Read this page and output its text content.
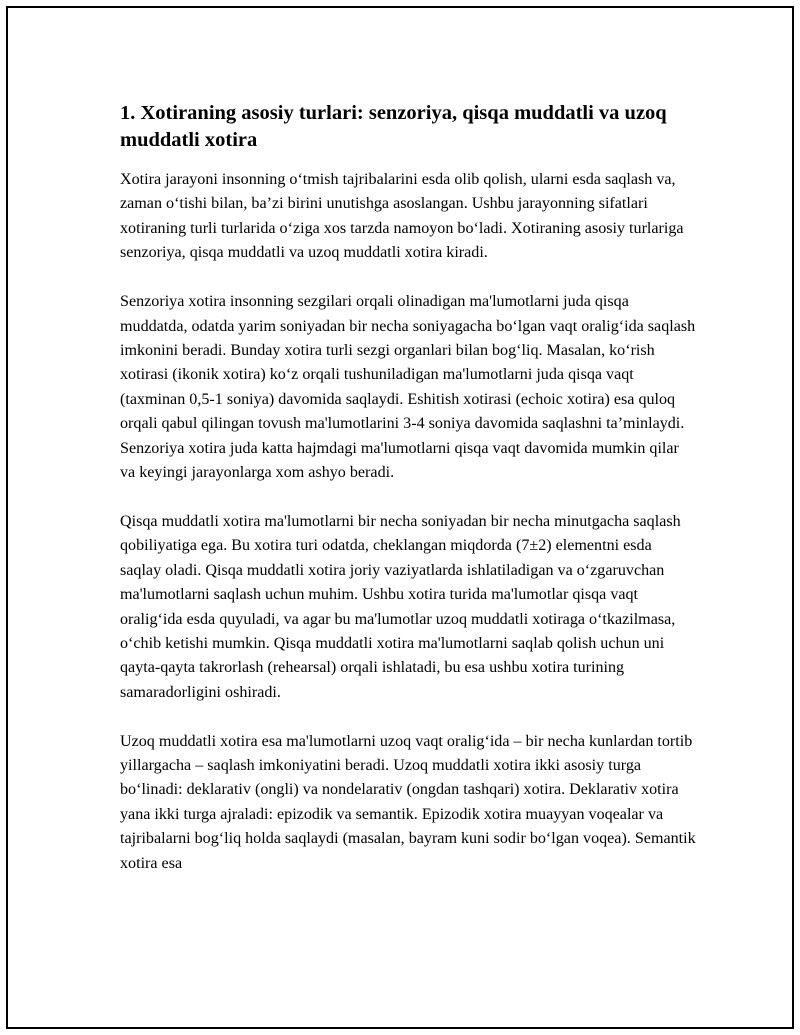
1. Xotiraning asosiy turlari: senzoriya, qisqa muddatli va uzoq muddatli xotira

Xotira jarayoni insonning o‘tmish tajribalarini esda olib qolish, ularni esda saqlash va, zaman o‘tishi bilan, ba’zi birini unutishga asoslangan. Ushbu jarayonning sifatlari xotiraning turli turlarida o‘ziga xos tarzda namoyon bo‘ladi. Xotiraning asosiy turlariga senzoriya, qisqa muddatli va uzoq muddatli xotira kiradi.

Senzoriya xotira insonning sezgilari orqali olinadigan ma'lumotlarni juda qisqa muddatda, odatda yarim soniyadan bir necha soniyagacha bo‘lgan vaqt oralig‘ida saqlash imkonini beradi. Bunday xotira turli sezgi organlari bilan bog‘liq. Masalan, ko‘rish xotirasi (ikonik xotira) ko‘z orqali tushuniladigan ma'lumotlarni juda qisqa vaqt (taxminan 0,5-1 soniya) davomida saqlaydi. Eshitish xotirasi (echoic xotira) esa quloq orqali qabul qilingan tovush ma'lumotlarini 3-4 soniya davomida saqlashni ta’minlaydi. Senzoriya xotira juda katta hajmdagi ma'lumotlarni qisqa vaqt davomida mumkin qilar va keyingi jarayonlarga xom ashyo beradi.

Qisqa muddatli xotira ma'lumotlarni bir necha soniyadan bir necha minutgacha saqlash qobiliyatiga ega. Bu xotira turi odatda, cheklangan miqdorda (7±2) elementni esda saqlay oladi. Qisqa muddatli xotira joriy vaziyatlarda ishlatiladigan va o‘zgaruvchan ma'lumotlarni saqlash uchun muhim. Ushbu xotira turida ma'lumotlar qisqa vaqt oralig‘ida esda quyuladi, va agar bu ma'lumotlar uzoq muddatli xotiraga o‘tkazilmasa, o‘chib ketishi mumkin. Qisqa muddatli xotira ma'lumotlarni saqlab qolish uchun uni qayta-qayta takrorlash (rehearsal) orqali ishlatadi, bu esa ushbu xotira turining samaradorligini oshiradi.

Uzoq muddatli xotira esa ma'lumotlarni uzoq vaqt oralig‘ida – bir necha kunlardan tortib yillargacha – saqlash imkoniyatini beradi. Uzoq muddatli xotira ikki asosiy turga bo‘linadi: deklarativ (ongli) va nondelarativ (ongdan tashqari) xotira. Deklarativ xotira yana ikki turga ajraladi: epizodik va semantik. Epizodik xotira muayyan voqealar va tajribalarni bog‘liq holda saqlaydi (masalan, bayram kuni sodir bo‘lgan voqea). Semantik xotira esa
